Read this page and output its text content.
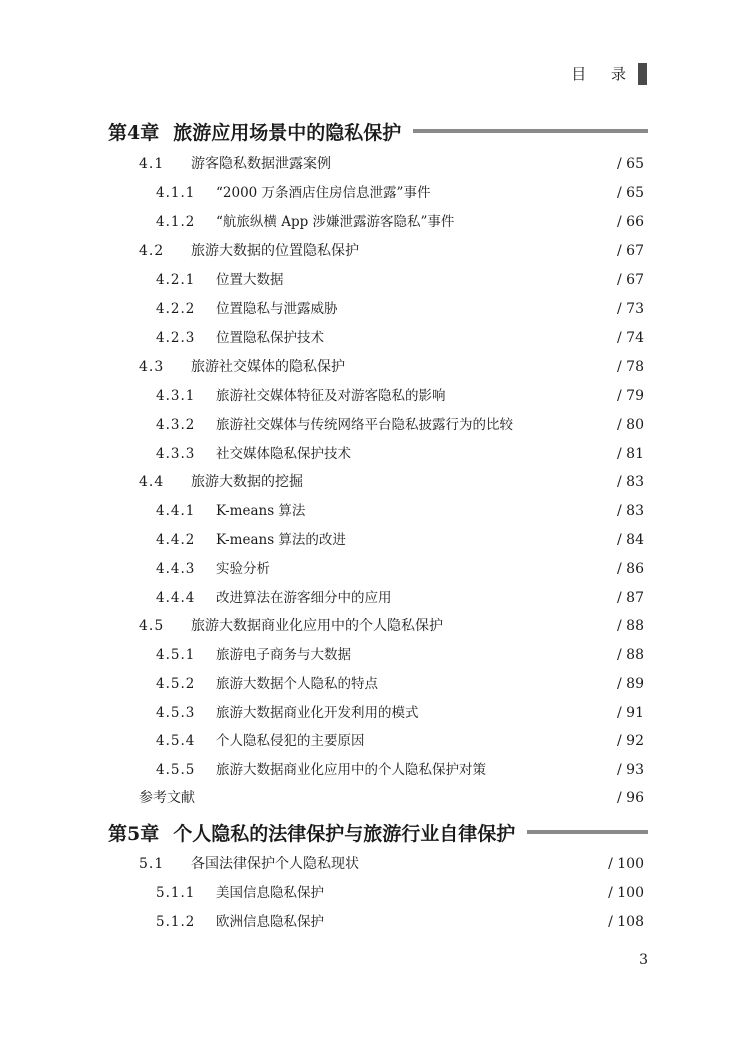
目 录
第4章 旅游应用场景中的隐私保护
4.1	游客隐私数据泄露案例	/ 65
4.1.1	“2000 万条酒店住房信息泄露”事件	/ 65
4.1.2	“航旅纵横 App 涉嫌泄露游客隐私”事件	/ 66
4.2	旅游大数据的位置隐私保护	/ 67
4.2.1	位置大数据	/ 67
4.2.2	位置隐私与泄露威胁	/ 73
4.2.3	位置隐私保护技术	/ 74
4.3	旅游社交媒体的隐私保护	/ 78
4.3.1	旅游社交媒体特征及对游客隐私的影响	/ 79
4.3.2	旅游社交媒体与传统网络平台隐私披露行为的比较	/ 80
4.3.3	社交媒体隐私保护技术	/ 81
4.4	旅游大数据的挖掘	/ 83
4.4.1	K-means 算法	/ 83
4.4.2	K-means 算法的改进	/ 84
4.4.3	实验分析	/ 86
4.4.4	改进算法在游客细分中的应用	/ 87
4.5	旅游大数据商业化应用中的个人隐私保护	/ 88
4.5.1	旅游电子商务与大数据	/ 88
4.5.2	旅游大数据个人隐私的特点	/ 89
4.5.3	旅游大数据商业化开发利用的模式	/ 91
4.5.4	个人隐私侵犯的主要原因	/ 92
4.5.5	旅游大数据商业化应用中的个人隐私保护对策	/ 93
参考文献	/ 96
第5章 个人隐私的法律保护与旅游行业自律保护
5.1	各国法律保护个人隐私现状	/ 100
5.1.1	美国信息隐私保护	/ 100
5.1.2	欧洲信息隐私保护	/ 108
3
